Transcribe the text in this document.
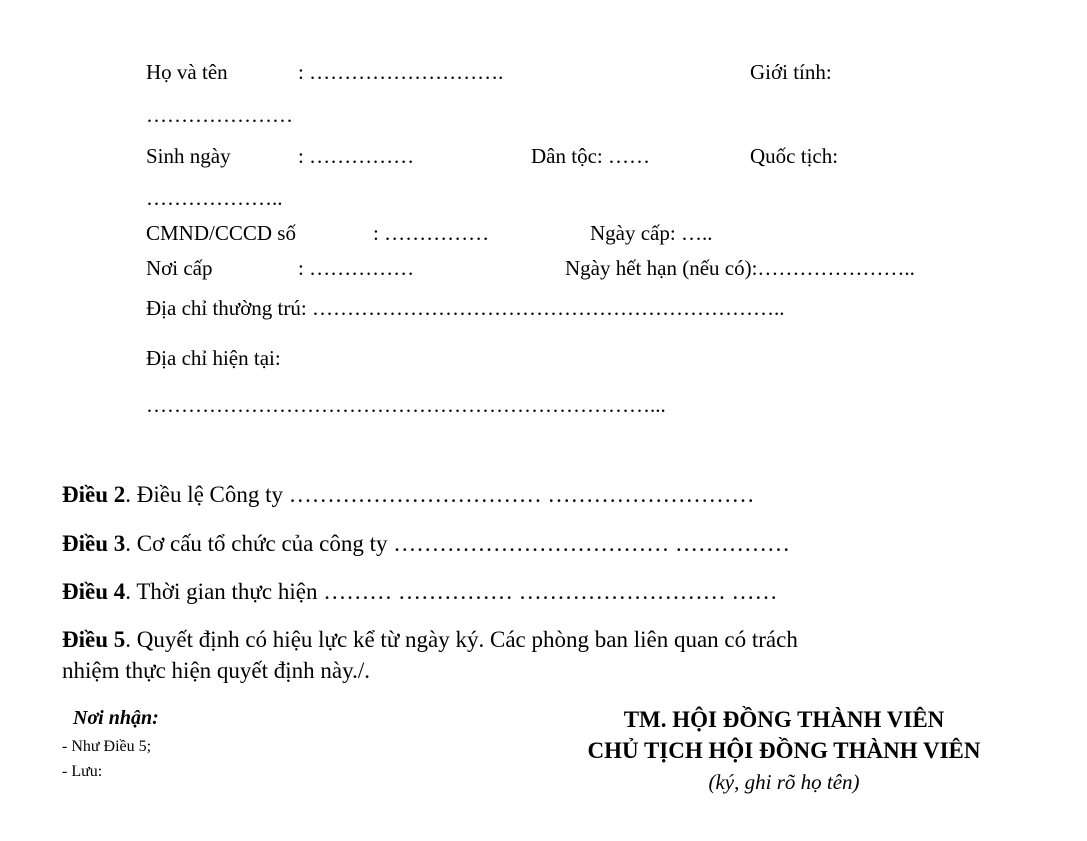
Họ và tên	: ……………………….	Giới tính:
…………………
Sinh ngày	: ……………	Dân tộc: ……	Quốc tịch:
………………..
CMND/CCCD số	: ……………	Ngày cấp: …..
Nơi cấp	: ……………	Ngày hết hạn (nếu có):…………………..
Địa chỉ thường trú: …………………………………………………………..
Địa chỉ hiện tại:
………………………………………………………………...
Điều 2. Điều lệ Công ty …………………………… ………………………
Điều 3. Cơ cấu tổ chức của công ty ……………………………… ……………
Điều 4. Thời gian thực hiện ……… …………… ……………………… ……
Điều 5. Quyết định có hiệu lực kể từ ngày ký. Các phòng ban liên quan có trách
nhiệm thực hiện quyết định này./.
Nơi nhận:
- Như Điều 5;
- Lưu:
TM. HỘI ĐỒNG THÀNH VIÊN
CHỦ TỊCH HỘI ĐỒNG THÀNH VIÊN
(ký, ghi rõ họ tên)
